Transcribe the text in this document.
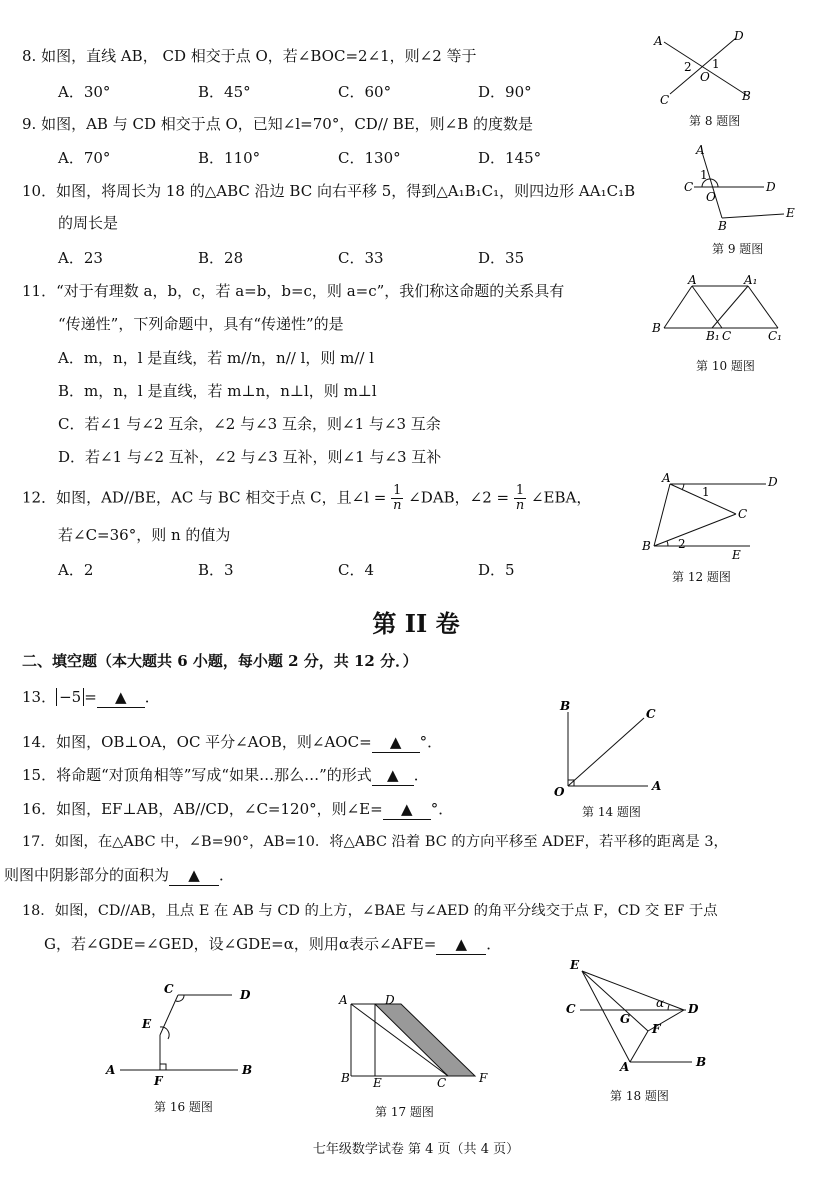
8. 如图，直线 AB， CD 相交于点 O，若∠BOC=2∠1，则∠2 等于
A．30°	B．45°	C．60°	D．90°
9. 如图，AB 与 CD 相交于点 O，已知∠l=70°，CD// BE，则∠B 的度数是
A．70°	B．110°	C．130°	D．145°
10．如图，将周长为 18 的△ABC 沿边 BC 向右平移 5，得到△A₁B₁C₁，则四边形 AA₁C₁B
的周长是
A．23	B．28	C．33	D．35
11．“对于有理数 a，b，c，若 a=b，b=c，则 a=c”，我们称这命题的关系具有
“传递性”，下列命题中，具有“传递性”的是
A．m，n，l 是直线，若 m//n，n// l，则 m// l
B．m，n，l 是直线，若 m⊥n，n⊥l，则 m⊥l
C．若∠1 与∠2 互余，∠2 与∠3 互余，则∠1 与∠3 互余
D．若∠1 与∠2 互补，∠2 与∠3 互补，则∠1 与∠3 互补
12．如图，AD//BE，AC 与 BC 相交于点 C，且∠l = $\frac{1}{n}$ ∠DAB，∠2 = $\frac{1}{n}$ ∠EBA，
若∠C=36°，则 n 的值为
A．2	B．3	C．4	D．5
第 II 卷
二、填空题（本大题共 6 小题，每小题 2 分，共 12 分．）
13． −5 = ▲ ．
14．如图，OB⊥OA，OC 平分∠AOB，则∠AOC= ▲ °．
15．将命题“对顶角相等”写成“如果…那么…”的形式 ▲ ．
16．如图，EF⊥AB，AB//CD，∠C=120°，则∠E= ▲ °．
17．如图，在△ABC 中，∠B=90°，AB=10．将△ABC 沿着 BC 的方向平移至 ADEF，若平移的距离是 3，
则图中阴影部分的面积为 ▲ ．
18．如图，CD//AB，且点 E 在 AB 与 CD 的上方，∠BAE 与∠AED 的角平分线交于点 F，CD 交 EF 于点
G，若∠GDE=∠GED，设∠GDE=α，则用α表示∠AFE= ▲ ．
A	D
C	B
O
1
2
第 8 题图
A
C
O
D
B
E
1
第 9 题图
A	A₁
B
B₁ C	C₁
第 10 题图
A	D
C
B
E
1
2
第 12 题图
B
C
O	A
第 14 题图
C	D
E
A
F
B
第 16 题图
A	D
B E	C	F
第 17 题图
E
C	D
G
F
A	B
α
第 18 题图
七年级数学试卷 第 4 页（共 4 页）
